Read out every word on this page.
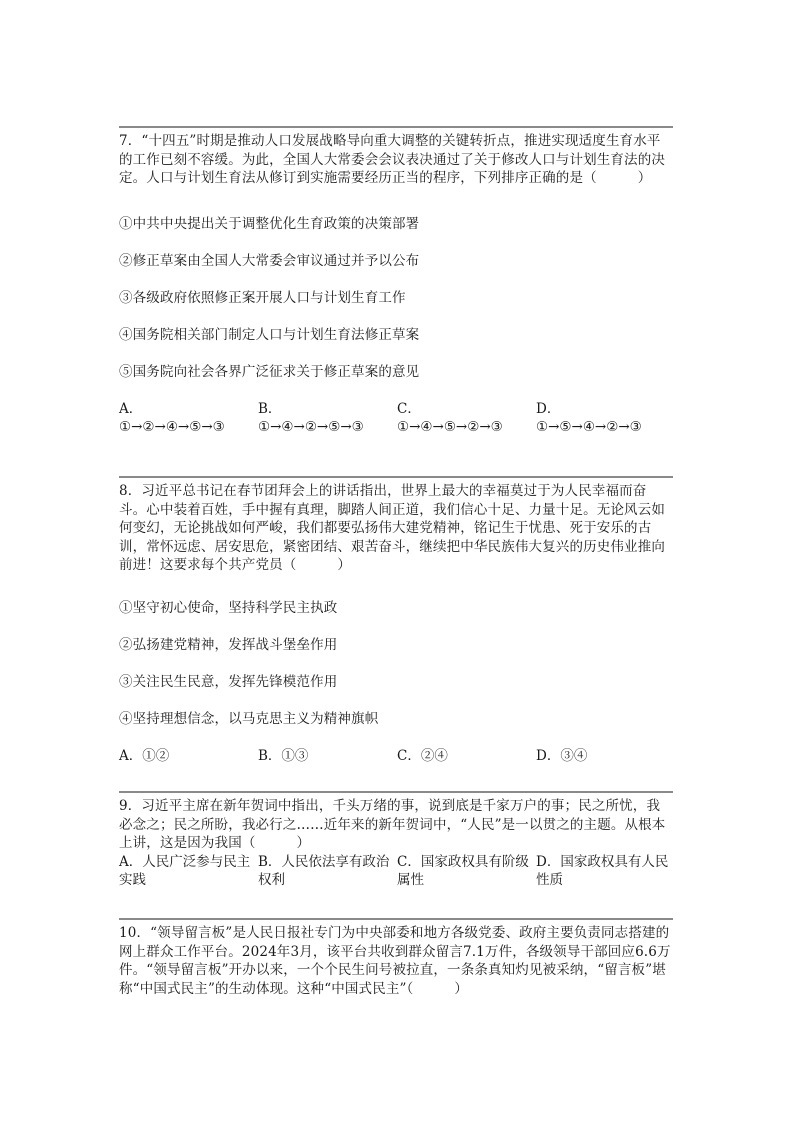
7．“十四五”时期是推动人口发展战略导向重大调整的关键转折点，推进实现适度生育水平的工作已刻不容缓。为此，全国人大常委会会议表决通过了关于修改人口与计划生育法的决定。人口与计划生育法从修订到实施需要经历正当的程序，下列排序正确的是（　　　）

①中共中央提出关于调整优化生育政策的决策部署

②修正草案由全国人大常委会审议通过并予以公布

③各级政府依照修正案开展人口与计划生育工作

④国务院相关部门制定人口与计划生育法修正草案

⑤国务院向社会各界广泛征求关于修正草案的意见

A．
①→②→④→⑤→③
B．
①→④→②→⑤→③
C．
①→④→⑤→②→③
D．
①→⑤→④→②→③

8．习近平总书记在春节团拜会上的讲话指出，世界上最大的幸福莫过于为人民幸福而奋斗。心中装着百姓，手中握有真理，脚踏人间正道，我们信心十足、力量十足。无论风云如何变幻，无论挑战如何严峻，我们都要弘扬伟大建党精神，铭记生于忧患、死于安乐的古训，常怀远虑、居安思危，紧密团结、艰苦奋斗，继续把中华民族伟大复兴的历史伟业推向前进！这要求每个共产党员（　　　）

①坚守初心使命，坚持科学民主执政

②弘扬建党精神，发挥战斗堡垒作用

③关注民生民意，发挥先锋模范作用

④坚持理想信念，以马克思主义为精神旗帜

A．①②	B．①③	C．②④	D．③④

9．习近平主席在新年贺词中指出，千头万绪的事，说到底是千家万户的事；民之所忧，我必念之；民之所盼，我必行之……近年来的新年贺词中，“人民”是一以贯之的主题。从根本上讲，这是因为我国（　　　）

A．人民广泛参与民主实践
B．人民依法享有政治权利
C．国家政权具有阶级属性
D．国家政权具有人民性质

10．“领导留言板”是人民日报社专门为中央部委和地方各级党委、政府主要负责同志搭建的网上群众工作平台。2024年3月，该平台共收到群众留言7.1万件，各级领导干部回应6.6万件。“领导留言板”开办以来，一个个民生问号被拉直，一条条真知灼见被采纳，“留言板”堪称“中国式民主”的生动体现。这种“中国式民主”（　　　）
